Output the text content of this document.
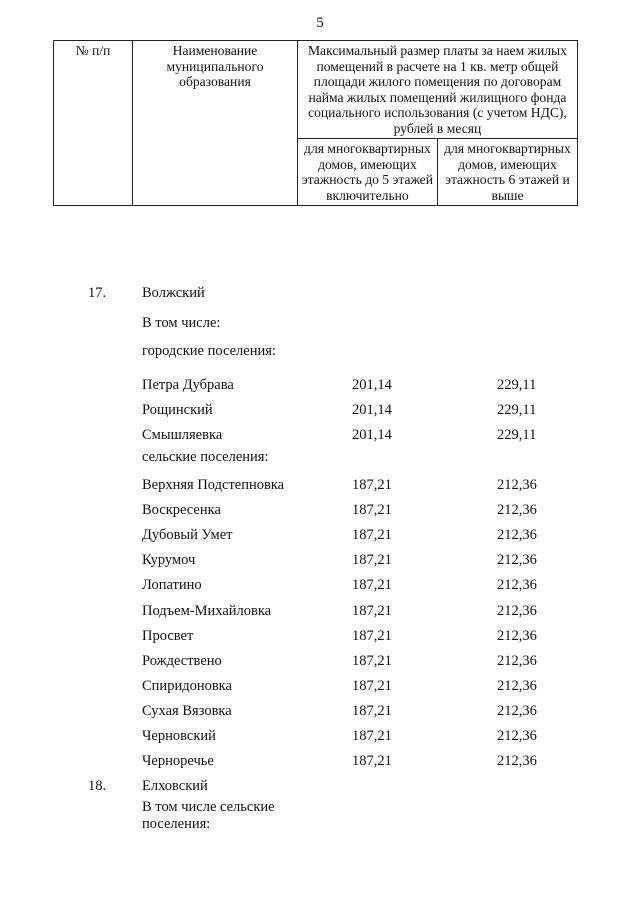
5
№ п/п	Наименование муниципального образования	Максимальный размер платы за наем жилых помещений в расчете на 1 кв. метр общей площади жилого помещения по договорам найма жилых помещений жилищного фонда социального использования (с учетом НДС), рублей в месяц	
		для многоквартирных домов, имеющих этажность до 5 этажей включительно	для многоквартирных домов, имеющих этажность 6 этажей и выше
17. Волжский
В том числе:
городские поселения:
Петра Дубрава	201,14	229,11
Рощинский	201,14	229,11
Смышляевка	201,14	229,11
сельские поселения:
Верхняя Подстепновка	187,21	212,36
Воскресенка	187,21	212,36
Дубовый Умет	187,21	212,36
Курумоч	187,21	212,36
Лопатино	187,21	212,36
Подъем-Михайловка	187,21	212,36
Просвет	187,21	212,36
Рождествено	187,21	212,36
Спиридоновка	187,21	212,36
Сухая Вязовка	187,21	212,36
Черновский	187,21	212,36
Черноречье	187,21	212,36
18. Елховский
В том числе сельские поселения:
